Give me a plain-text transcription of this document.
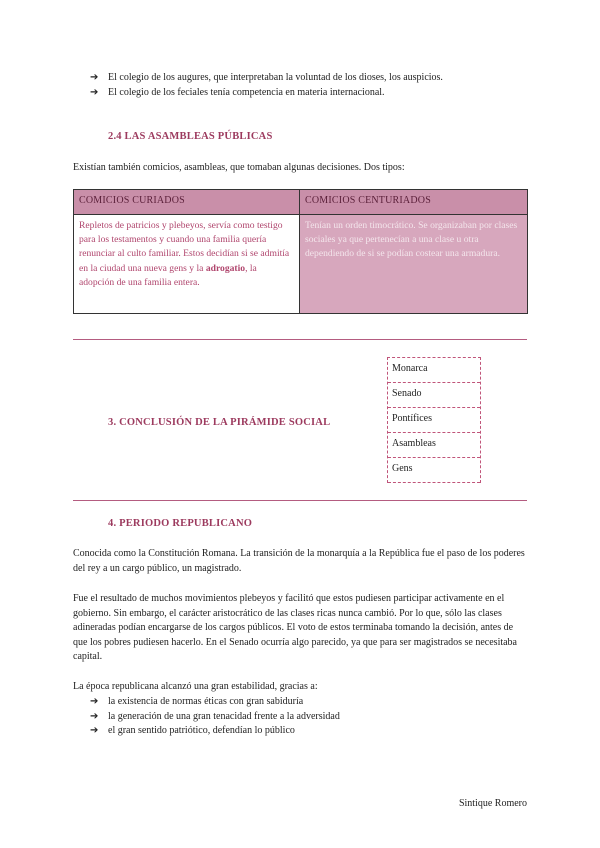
➔ El colegio de los augures, que interpretaban la voluntad de los dioses, los auspicios.
➔ El colegio de los feciales tenía competencia en materia internacional.
2.4 LAS ASAMBLEAS PÚBLICAS

Existían también comicios, asambleas, que tomaban algunas decisiones. Dos tipos:

COMICIOS CURIADOS	COMICIOS CENTURIADOS
Repletos de patricios y plebeyos, servía como testigo para los testamentos y cuando una familia quería renunciar al culto familiar. Estos decidían si se admitía en la ciudad una nueva gens y la adrogatio, la adopción de una familia entera.	Tenían un orden timocrático. Se organizaban por clases sociales ya que pertenecían a una clase u otra dependiendo de si se podían costear una armadura.
3. CONCLUSIÓN DE LA PIRÁMIDE SOCIAL
Monarca
Senado
Pontífices
Asambleas
Gens
4. PERIODO REPUBLICANO

Conocida como la Constitución Romana. La transición de la monarquía a la República fue el paso de los poderes del rey a un cargo público, un magistrado.

Fue el resultado de muchos movimientos plebeyos y facilitó que estos pudiesen participar activamente en el gobierno. Sin embargo, el carácter aristocrático de las clases ricas nunca cambió. Por lo que, sólo las clases adineradas podían encargarse de los cargos públicos. El voto de estos terminaba tomando la decisión, antes de que los pobres pudiesen hacerlo. En el Senado ocurría algo parecido, ya que para ser magistrados se necesitaba capital.

La época republicana alcanzó una gran estabilidad, gracias a:

➔ la existencia de normas éticas con gran sabiduría
➔ la generación de una gran tenacidad frente a la adversidad
➔ el gran sentido patriótico, defendían lo público
Sintique Romero
